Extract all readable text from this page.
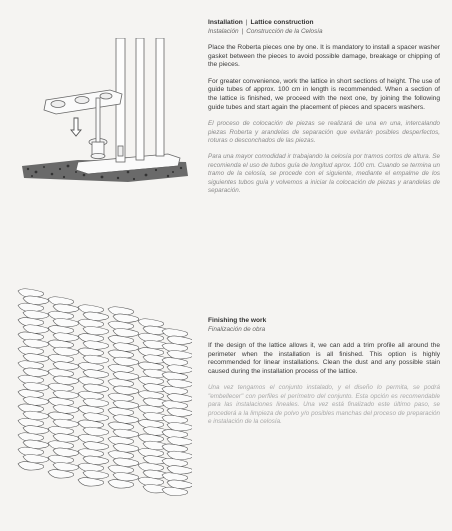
Installation | Lattice construction

Instalación | Construcción de la Celosía

Place the Roberta pieces one by one. It is mandatory to install a spacer washer gasket between the pieces to avoid possible damage, breakage or chipping of the pieces.

For greater convenience, work the lattice in short sections of height. The use of guide tubes of approx. 100 cm in length is recommended. When a section of the lattice is finished, we proceed with the next one, by joining the following guide tubes and start again the placement of pieces and spacers washers.

El proceso de colocación de piezas se realizará de una en una, intercalando piezas Roberta y arandelas de separación que evitarán posibles desperfectos, roturas o desconchados de las piezas.

Para una mayor comodidad ir trabajando la celosía por tramos cortos de altura. Se recomienda el uso de tubos guía de longitud aprox. 100 cm. Cuando se termina un tramo de la celosía, se procede con el siguiente, mediante el empalme de los siguientes tubos guía y volvemos a iniciar la colocación de piezas y arandelas de separación.

Finishing the work

Finalización de obra

If the design of the lattice allows it, we can add a trim profile all around the perimeter when the installation is all finished. This option is highly recommended for linear installations. Clean the dust and any possible stain caused during the installation process of the lattice.

Una vez tengamos el conjunto instalado, y el diseño lo permita, se podrá "embellecer" con perfiles el perímetro del conjunto. Esta opción es recomendable para las instalaciones lineales. Una vez está finalizado este último paso, se procederá a la limpieza de polvo y/o posibles manchas del proceso de preparación e instalación de la celosía.
